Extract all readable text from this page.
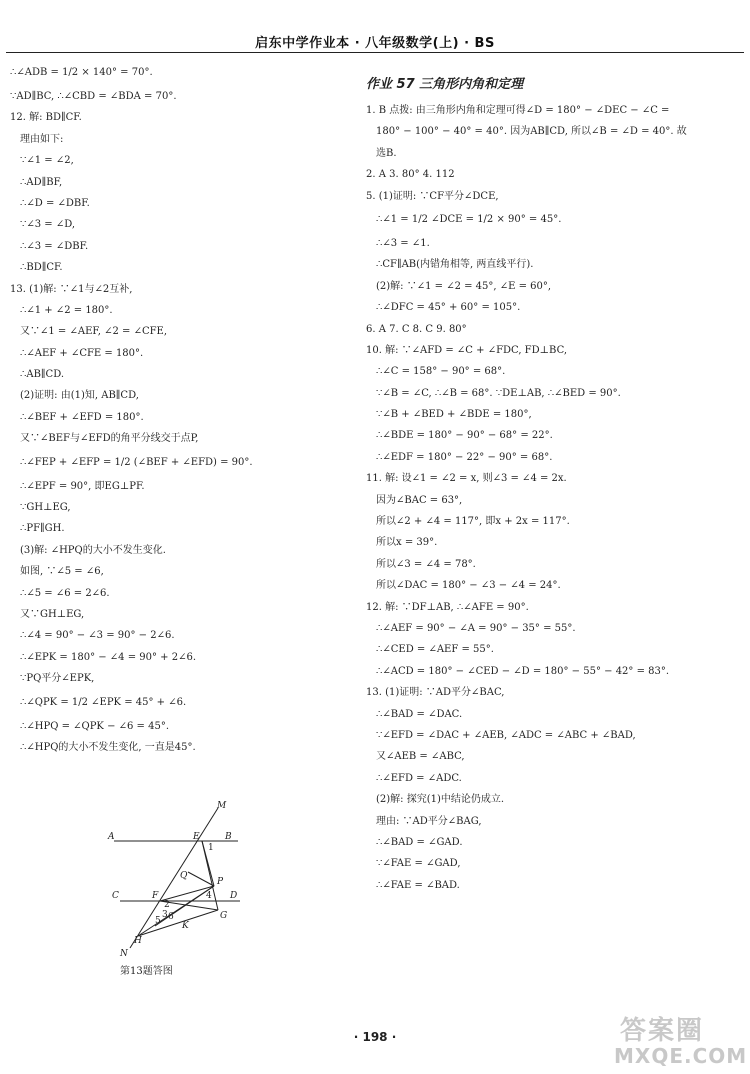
启东中学作业本 · 八年级数学(上) · BS
∴∠ADB = 1/2 × 140° = 70°.
∵AD∥BC, ∴∠CBD = ∠BDA = 70°.
12. 解: BD∥CF.
理由如下:
∵∠1 = ∠2,
∴AD∥BF,
∴∠D = ∠DBF.
∵∠3 = ∠D,
∴∠3 = ∠DBF.
∴BD∥CF.
13. (1)解: ∵∠1与∠2互补,
∴∠1 + ∠2 = 180°.
又∵∠1 = ∠AEF, ∠2 = ∠CFE,
∴∠AEF + ∠CFE = 180°.
∴AB∥CD.
(2)证明: 由(1)知, AB∥CD,
∴∠BEF + ∠EFD = 180°.
又∵∠BEF与∠EFD的角平分线交于点P,
∴∠FEP + ∠EFP = 1/2 (∠BEF + ∠EFD) = 90°.
∴∠EPF = 90°, 即EG⊥PF.
∵GH⊥EG,
∴PF∥GH.
(3)解: ∠HPQ的大小不发生变化.
如图, ∵∠5 = ∠6,
∴∠5 = ∠6 = 2∠6.
又∵GH⊥EG,
∴∠4 = 90° − ∠3 = 90° − 2∠6.
∴∠EPK = 180° − ∠4 = 90° + 2∠6.
∵PQ平分∠EPK,
∴∠QPK = 1/2 ∠EPK = 45° + ∠6.
∴∠HPQ = ∠QPK − ∠6 = 45°.
∴∠HPQ的大小不发生变化, 一直是45°.
M
A	E	B
1
Q
P
C	F
2
4 D
3
5 6	G
K
H
N
第13题答图
作业 57 三角形内角和定理
1. B 点拨: 由三角形内角和定理可得∠D = 180° − ∠DEC − ∠C =
180° − 100° − 40° = 40°. 因为AB∥CD, 所以∠B = ∠D = 40°. 故
选B.
2. A 3. 80° 4. 112
5. (1)证明: ∵CF平分∠DCE,
∴∠1 = 1/2 ∠DCE = 1/2 × 90° = 45°.
∴∠3 = ∠1.
∴CF∥AB(内错角相等, 两直线平行).
(2)解: ∵∠1 = ∠2 = 45°, ∠E = 60°,
∴∠DFC = 45° + 60° = 105°.
6. A 7. C 8. C 9. 80°
10. 解: ∵∠AFD = ∠C + ∠FDC, FD⊥BC,
∴∠C = 158° − 90° = 68°.
∵∠B = ∠C, ∴∠B = 68°. ∵DE⊥AB, ∴∠BED = 90°.
∵∠B + ∠BED + ∠BDE = 180°,
∴∠BDE = 180° − 90° − 68° = 22°.
∴∠EDF = 180° − 22° − 90° = 68°.
11. 解: 设∠1 = ∠2 = x, 则∠3 = ∠4 = 2x.
因为∠BAC = 63°,
所以∠2 + ∠4 = 117°, 即x + 2x = 117°.
所以x = 39°.
所以∠3 = ∠4 = 78°.
所以∠DAC = 180° − ∠3 − ∠4 = 24°.
12. 解: ∵DF⊥AB, ∴∠AFE = 90°.
∴∠AEF = 90° − ∠A = 90° − 35° = 55°.
∴∠CED = ∠AEF = 55°.
∴∠ACD = 180° − ∠CED − ∠D = 180° − 55° − 42° = 83°.
13. (1)证明: ∵AD平分∠BAC,
∴∠BAD = ∠DAC.
∵∠EFD = ∠DAC + ∠AEB, ∠ADC = ∠ABC + ∠BAD,
又∠AEB = ∠ABC,
∴∠EFD = ∠ADC.
(2)解: 探究(1)中结论仍成立.
理由: ∵AD平分∠BAG,
∴∠BAD = ∠GAD.
∵∠FAE = ∠GAD,
∴∠FAE = ∠BAD.
· 198 ·	答案圈
MXQE.COM
